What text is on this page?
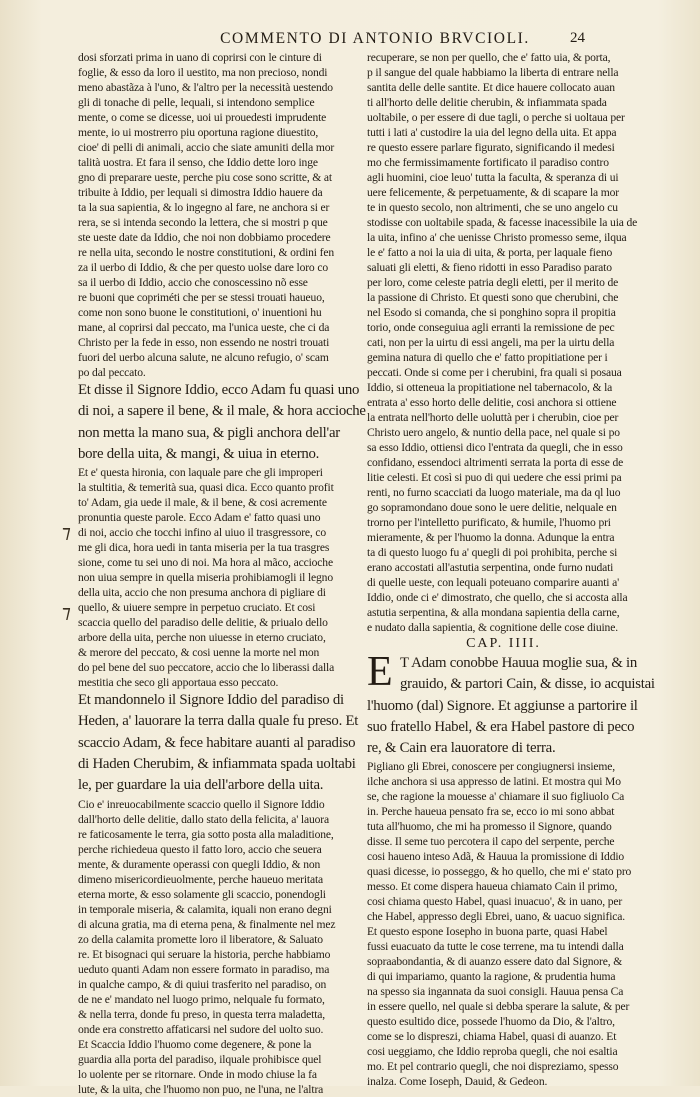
COMMENTO DI ANTONIO BRVCIOLI.	24
dosi sforzati prima in uano di coprirsi con le cinture di
foglie, & esso da loro il uestito, ma non precioso, nondi
meno abastãza à l'uno, & l'altro per la necessità uestendo
gli di tonache di pelle, lequali, si intendono semplice
mente, o come se dicesse, uoi ui prouedesti imprudente
mente, io ui mostrerro piu oportuna ragione diuestito,
cioe' di pelli di animali, accio che siate amuniti della mor
talità uostra. Et fara il senso, che Iddio dette loro inge
gno di preparare ueste, perche piu cose sono scritte, & at
tribuite à Iddio, per lequali si dimostra Iddio hauere da
ta la sua sapientia, & lo ingegno al fare, ne anchora si er
rera, se si intenda secondo la lettera, che si mostri p que
ste ueste date da Iddio, che noi non dobbiamo procedere
re nella uita, secondo le nostre constitutioni, & ordini fen
za il uerbo di Iddio, & che per questo uolse dare loro co
sa il uerbo di Iddio, accio che conoscessino nõ esse
re buoni que copriméti che per se stessi trouati haueuo,
come non sono buone le constitutioni, o' inuentioni hu
mane, al coprirsi dal peccato, ma l'unica ueste, che ci da
Christo per la fede in esso, non essendo ne nostri trouati
fuori del uerbo alcuna salute, ne alcuno refugio, o' scam
po dal peccato.
Et disse il Signore Iddio, ecco Adam fu quasi uno
di noi, a sapere il bene, & il male, & hora accioche
non metta la mano sua, & pigli anchora dell'ar
bore della uita, & mangi, & uiua in eterno.
Et e' questa hironia, con laquale pare che gli improperi
la stultitia, & temerità sua, quasi dica. Ecco quanto profit
to' Adam, gia uede il male, & il bene, & cosi acremente
pronuntia queste parole. Ecco Adam e' fatto quasi uno
di noi, accio che tocchi infino al uiuo il trasgressore, co
me gli dica, hora uedi in tanta miseria per la tua trasgres
sione, come tu sei uno di noi. Ma hora al mãco, accioche
non uiua sempre in quella miseria prohibiamogli il legno
della uita, accio che non presuma anchora di pigliare di
quello, & uiuere sempre in perpetuo cruciato. Et cosi
scaccia quello del paradiso delle delitie, & priualo dello
arbore della uita, perche non uiuesse in eterno cruciato,
& merore del peccato, & cosi uenne la morte nel mon
do pel bene del suo peccatore, accio che lo liberassi dalla
mestitia che seco gli apportaua esso peccato.
Et mandonnelo il Signore Iddio del paradiso di
Heden, a' lauorare la terra dalla quale fu preso. Et
scaccio Adam, & fece habitare auanti al paradiso
di Haden Cherubim, & infiammata spada uoltabi
le, per guardare la uia dell'arbore della uita.
Cio e' inreuocabilmente scaccio quello il Signore Iddio
dall'horto delle delitie, dallo stato della felicita, a' lauora
re faticosamente le terra, gia sotto posta alla maladitione,
perche richiedeua questo il fatto loro, accio che seuera
mente, & duramente operassi con quegli Iddio, & non
dimeno misericordieuolmente, perche haueuo meritata
eterna morte, & esso solamente gli scaccio, ponendogli
in temporale miseria, & calamita, iquali non erano degni
di alcuna gratia, ma di eterna pena, & finalmente nel mez
zo della calamita promette loro il liberatore, & Saluato
re. Et bisognaci qui seruare la historia, perche habbiamo
ueduto quanti Adam non essere formato in paradiso, ma
in qualche campo, & di quiui trasferito nel paradiso, on
de ne e' mandato nel luogo primo, nelquale fu formato,
& nella terra, donde fu preso, in questa terra maladetta,
onde era constretto affaticarsi nel sudore del uolto suo.
Et Scaccia Iddio l'huomo come degenere, & pone la
guardia alla porta del paradiso, ilquale prohibisce quel
lo uolente per se ritornare. Onde in modo chiuse la fa
lute, & la uita, che l'huomo non puo, ne l'una, ne l'altra
recuperare, se non per quello, che e' fatto uia, & porta,
p il sangue del quale habbiamo la liberta di entrare nella
santita delle delle santite. Et dice hauere collocato auan
ti all'horto delle delitie cherubin, & infiammata spada
uoltabile, o per essere di due tagli, o perche si uoltaua per
tutti i lati a' custodire la uia del legno della uita. Et appa
re questo essere parlare figurato, significando il medesi
mo che fermissimamente fortificato il paradiso contro
agli huomini, cioe leuo' tutta la faculta, & speranza di ui
uere felicemente, & perpetuamente, & di scapare la mor
te in questo secolo, non altrimenti, che se uno angelo cu
stodisse con uoltabile spada, & facesse inacessibile la uia de
la uita, infino a' che uenisse Christo promesso seme, ilqua
le e' fatto a noi la uia di uita, & porta, per laquale fieno
saluati gli eletti, & fieno ridotti in esso Paradiso parato
per loro, come celeste patria degli eletti, per il merito de
la passione di Christo. Et questi sono que cherubini, che
nel Esodo si comanda, che si ponghino sopra il propitia
torio, onde conseguiua agli erranti la remissione de pec
cati, non per la uirtu di essi angeli, ma per la uirtu della
gemina natura di quello che e' fatto propitiatione per i
peccati. Onde si come per i cherubini, fra quali si posaua
Iddio, si otteneua la propitiatione nel tabernacolo, & la
entrata a' esso horto delle delitie, cosi anchora si ottiene
la entrata nell'horto delle uoluttà per i cherubin, cioe per
Christo uero angelo, & nuntio della pace, nel quale si po
sa esso Iddio, ottiensi dico l'entrata da quegli, che in esso
confidano, essendoci altrimenti serrata la porta di esse de
litie celesti. Et così si puo di qui uedere che essi primi pa
renti, no furno scacciati da luogo materiale, ma da ql luo
go sopramondano doue sono le uere delitie, nelquale en
trorno per l'intelletto purificato, & humile, l'huomo pri
mieramente, & per l'huomo la donna. Adunque la entra
ta di questo luogo fu a' quegli di poi prohibita, perche si
erano accostati all'astutia serpentina, onde furno nudati
di quelle ueste, con lequali poteuano comparire auanti a'
Iddio, onde ci e' dimostrato, che quello, che si accosta alla
astutia serpentina, & alla mondana sapientia della carne,
e nudato dalla sapientia, & cognitione delle cose diuine.
CAP. IIII.
E T Adam conobbe Hauua moglie sua, & in
grauido, & partori Cain, & disse, io acquistai
l'huomo (dal) Signore. Et aggiunse a partorire il
suo fratello Habel, & era Habel pastore di peco
re, & Cain era lauoratore di terra.
Pigliano gli Ebrei, conoscere per congiugnersi insieme,
ilche anchora si usa appresso de latini. Et mostra qui Mo
se, che ragione la mouesse a' chiamare il suo figliuolo Ca
in. Perche haueua pensato fra se, ecco io mi sono abbat
tuta all'huomo, che mi ha promesso il Signore, quando
disse. Il seme tuo percotera il capo del serpente, perche
cosi haueno inteso Adã, & Hauua la promissione di Iddio
quasi dicesse, io posseggo, & ho quello, che mi e' stato pro
messo. Et come dispera haueua chiamato Cain il primo,
cosi chiama questo Habel, quasi inuacuo', & in uano, per
che Habel, appresso degli Ebrei, uano, & uacuo significa.
Et questo espone Iosepho in buona parte, quasi Habel
fussi euacuato da tutte le cose terrene, ma tu intendi dalla
sopraabondantia, & di auanzo essere dato dal Signore, &
di qui impariamo, quanto la ragione, & prudentia huma
na spesso sia ingannata da suoi consigli. Hauua pensa Ca
in essere quello, nel quale si debba sperare la salute, & per
questo esultido dice, possede l'huomo da Dio, & l'altro,
come se lo dispreszi, chiama Habel, quasi di auanzo. Et
cosi ueggiamo, che Iddio reproba quegli, che noi esaltia
mo. Et pel contrario quegli, che noi dispreziamo, spesso
inalza. Come Ioseph, Dauid, & Gedeon.
⁊
⁊
